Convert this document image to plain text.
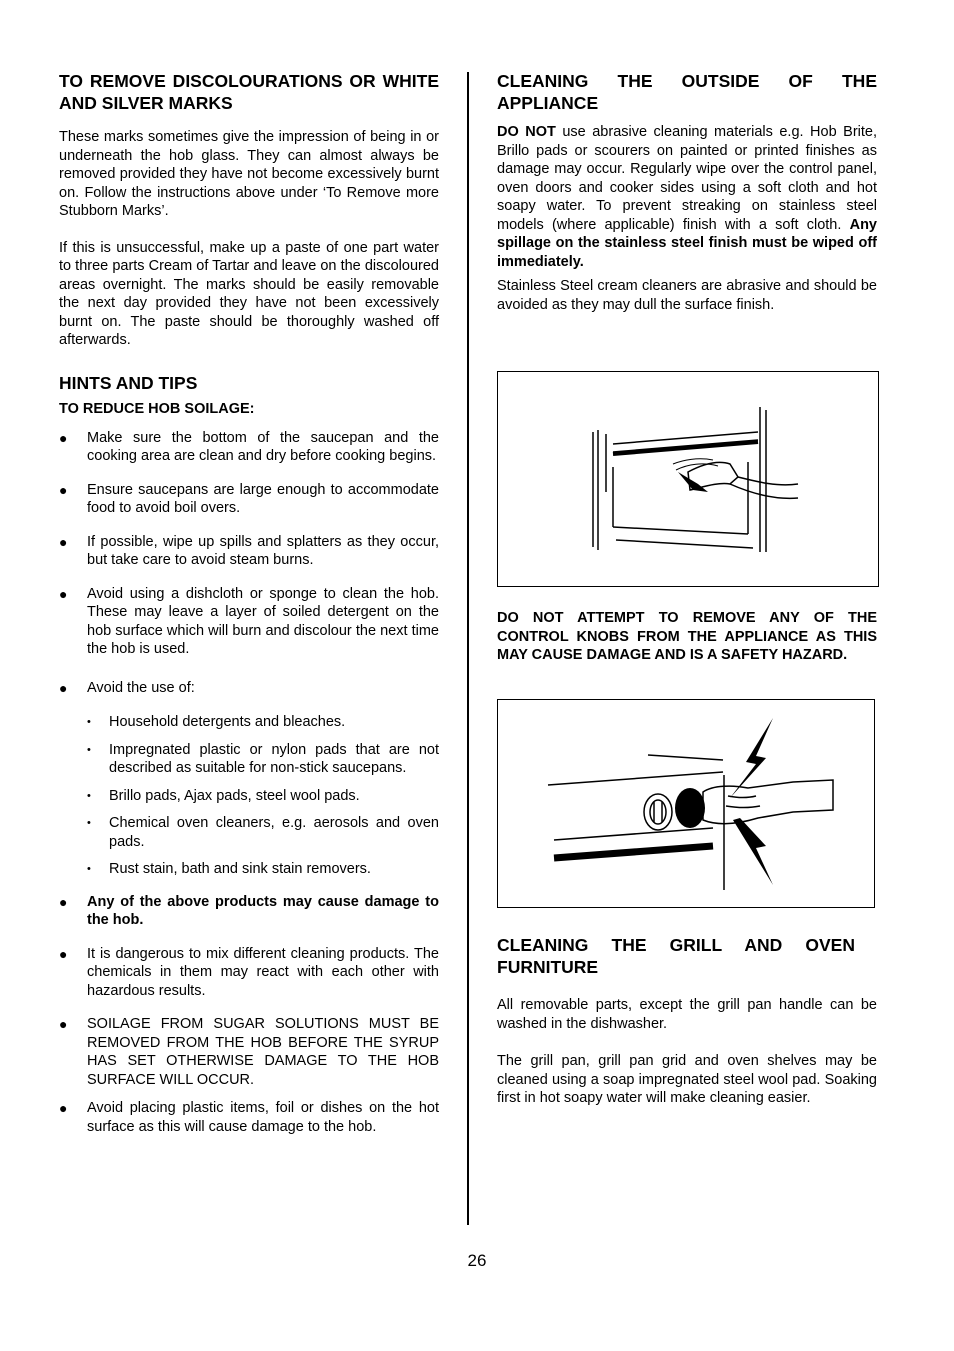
TO REMOVE DISCOLOURATIONS OR WHITE AND SILVER MARKS

These marks sometimes give the impression of being in or underneath the hob glass. They can almost always be removed provided they have not become excessively burnt on. Follow the instructions above under ‘To Remove more Stubborn Marks’.

If this is unsuccessful, make up a paste of one part water to three parts Cream of Tartar and leave on the discoloured areas overnight. The marks should be easily removable the next day provided they have not been excessively burnt on. The paste should be thoroughly washed off afterwards.

HINTS AND TIPS
TO REDUCE HOB SOILAGE:
● Make sure the bottom of the saucepan and the cooking area are clean and dry before cooking begins.
● Ensure saucepans are large enough to accommodate food to avoid boil overs.
● If possible, wipe up spills and splatters as they occur, but take care to avoid steam burns.
● Avoid using a dishcloth or sponge to clean the hob. These may leave a layer of soiled detergent on the hob surface which will burn and discolour the next time the hob is used.
● Avoid the use of:
• Household detergents and bleaches.
• Impregnated plastic or nylon pads that are not described as suitable for non-stick saucepans.
• Brillo pads, Ajax pads, steel wool pads.
• Chemical oven cleaners, e.g. aerosols and oven pads.
• Rust stain, bath and sink stain removers.
● Any of the above products may cause damage to the hob.
● It is dangerous to mix different cleaning products. The chemicals in them may react with each other with hazardous results.
● SOILAGE FROM SUGAR SOLUTIONS MUST BE REMOVED FROM THE HOB BEFORE THE SYRUP HAS SET OTHERWISE DAMAGE TO THE HOB SURFACE WILL OCCUR.
● Avoid placing plastic items, foil or dishes on the hot surface as this will cause damage to the hob.
CLEANING THE OUTSIDE OF THE APPLIANCE

DO NOT use abrasive cleaning materials e.g. Hob Brite, Brillo pads or scourers on painted or printed finishes as damage may occur. Regularly wipe over the control panel, oven doors and cooker sides using a soft cloth and hot soapy water. To prevent streaking on stainless steel models (where applicable) finish with a soft cloth. Any spillage on the stainless steel finish must be wiped off immediately.

Stainless Steel cream cleaners are abrasive and should be avoided as they may dull the surface finish.

DO NOT ATTEMPT TO REMOVE ANY OF THE CONTROL KNOBS FROM THE APPLIANCE AS THIS MAY CAUSE DAMAGE AND IS A SAFETY HAZARD.

CLEANING THE GRILL AND OVEN FURNITURE

All removable parts, except the grill pan handle can be washed in the dishwasher.

The grill pan, grill pan grid and oven shelves may be cleaned using a soap impregnated steel wool pad. Soaking first in hot soapy water will make cleaning easier.

26
